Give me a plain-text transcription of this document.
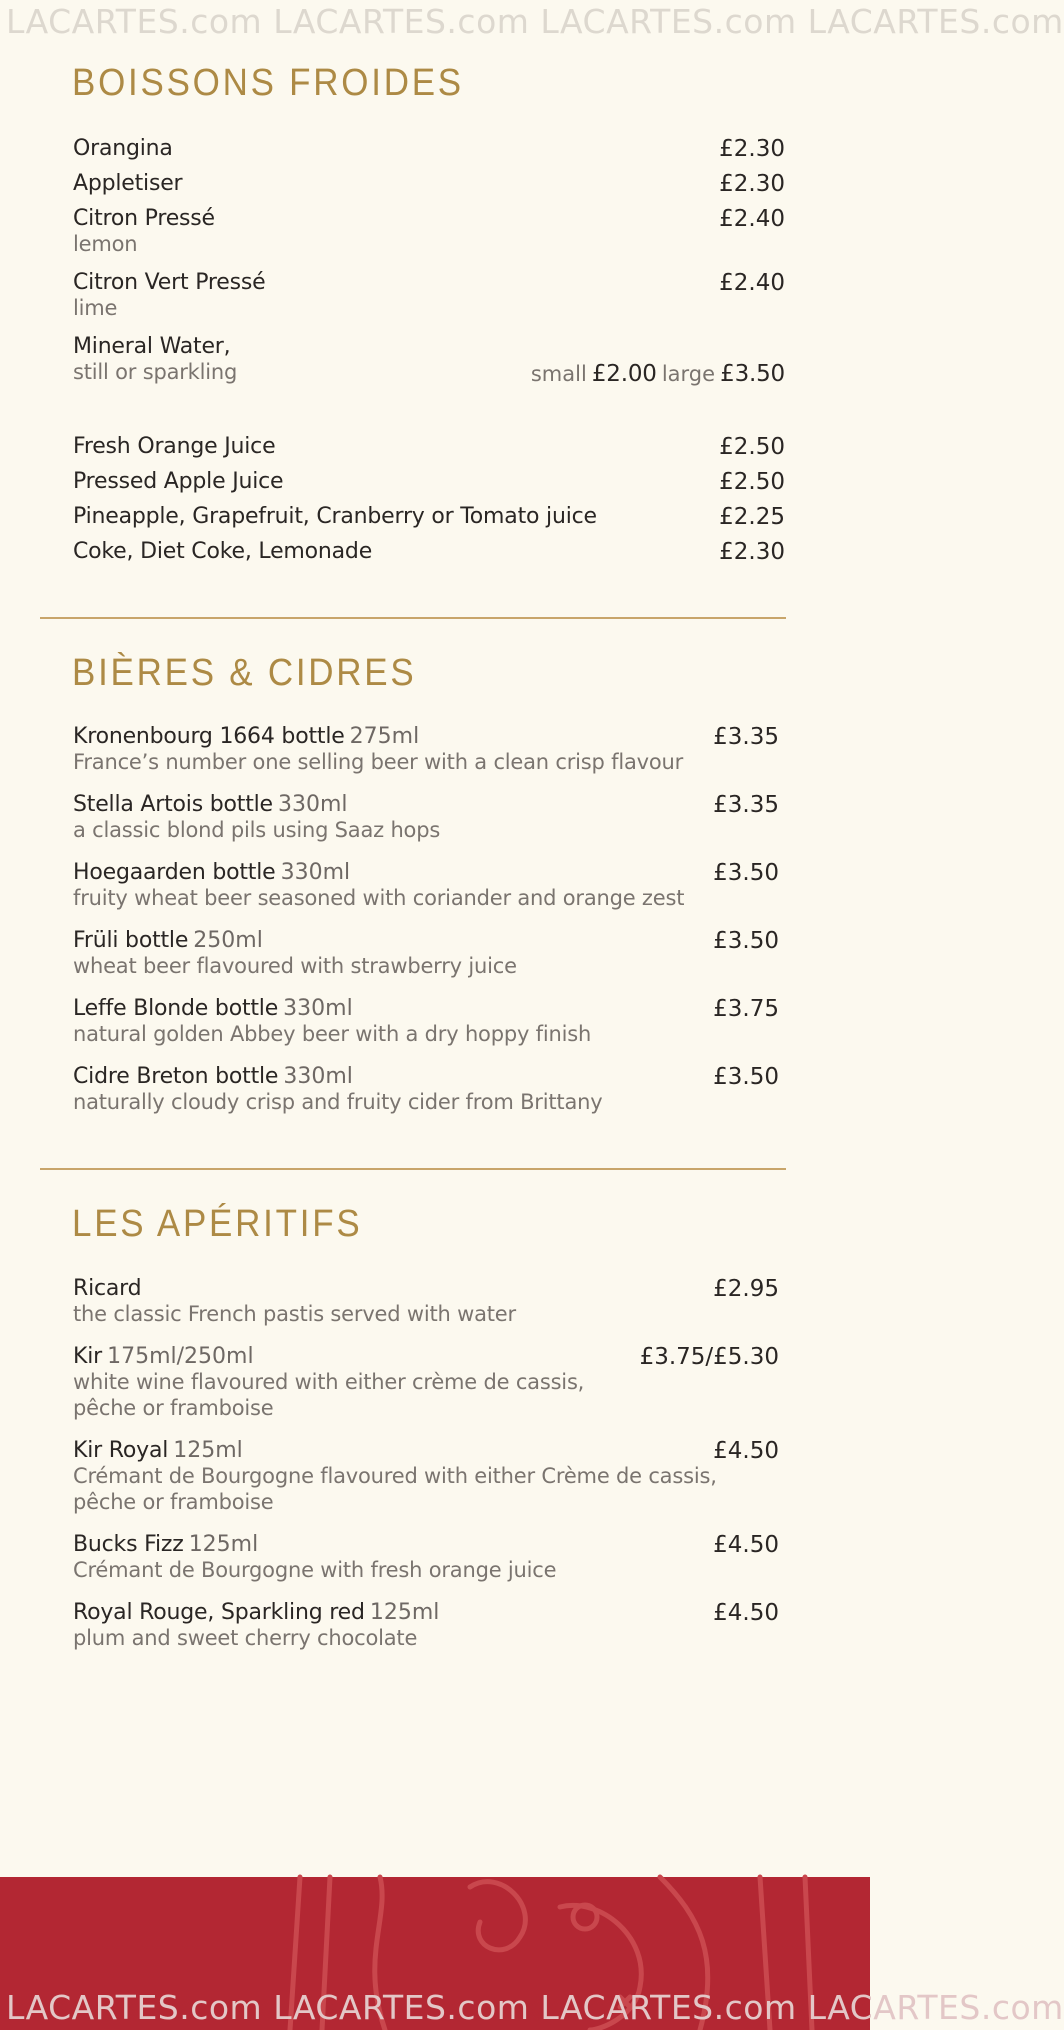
LACARTES.com LACARTES.com LACARTES.com LACARTES.com
BOISSONS FROIDES
Orangina	£2.30
Appletiser	£2.30
Citron Pressé	£2.40
lemon
Citron Vert Pressé	£2.40
lime
Mineral Water,
still or sparkling	small £2.00 large £3.50
Fresh Orange Juice	£2.50
Pressed Apple Juice	£2.50
Pineapple, Grapefruit, Cranberry or Tomato juice	£2.25
Coke, Diet Coke, Lemonade	£2.30
BIÈRES & CIDRES
Kronenbourg 1664 bottle 275ml	£3.35
France’s number one selling beer with a clean crisp flavour
Stella Artois bottle 330ml	£3.35
a classic blond pils using Saaz hops
Hoegaarden bottle 330ml	£3.50
fruity wheat beer seasoned with coriander and orange zest
Früli bottle 250ml	£3.50
wheat beer flavoured with strawberry juice
Leffe Blonde bottle 330ml	£3.75
natural golden Abbey beer with a dry hoppy finish
Cidre Breton bottle 330ml	£3.50
naturally cloudy crisp and fruity cider from Brittany
LES APÉRITIFS
Ricard	£2.95
the classic French pastis served with water
Kir 175ml/250ml	£3.75/£5.30
white wine flavoured with either crème de cassis,
pêche or framboise
Kir Royal 125ml	£4.50
Crémant de Bourgogne flavoured with either Crème de cassis,
pêche or framboise
Bucks Fizz 125ml	£4.50
Crémant de Bourgogne with fresh orange juice
Royal Rouge, Sparkling red 125ml	£4.50
plum and sweet cherry chocolate
LACARTES.com LACARTES.com LACARTES.com LACARTES.com
